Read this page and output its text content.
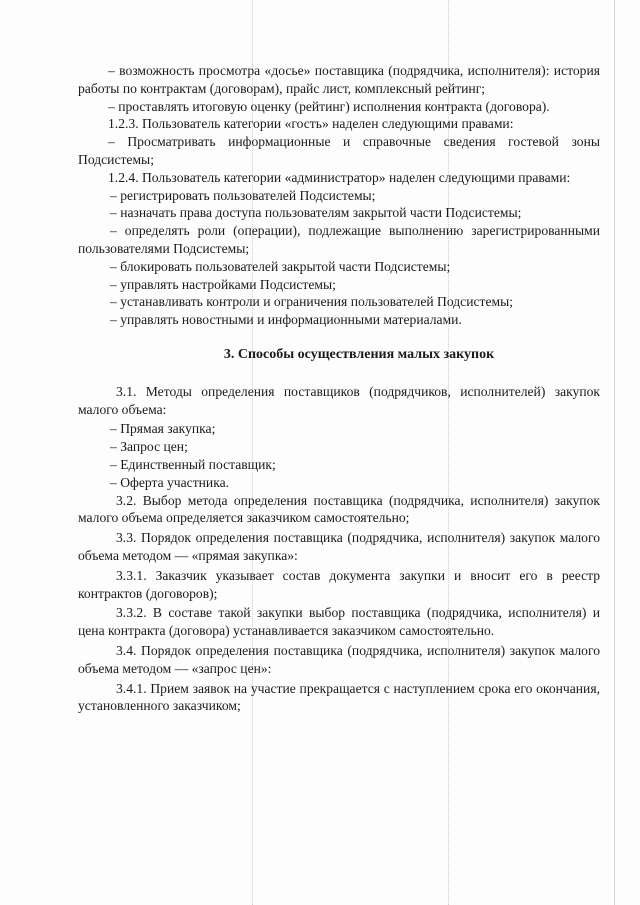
– возможность просмотра «досье» поставщика (подрядчика, исполнителя): история работы по контрактам (договорам), прайс лист, комплексный рейтинг;

– проставлять итоговую оценку (рейтинг) исполнения контракта (договора).

1.2.3. Пользователь категории «гость» наделен следующими правами:

– Просматривать информационные и справочные сведения гостевой зоны Подсистемы;

1.2.4. Пользователь категории «администратор» наделен следующими правами:

– регистрировать пользователей Подсистемы;

– назначать права доступа пользователям закрытой части Подсистемы;

– определять роли (операции), подлежащие выполнению зарегистрированными пользователями Подсистемы;

– блокировать пользователей закрытой части Подсистемы;

– управлять настройками Подсистемы;

– устанавливать контроли и ограничения пользователей Подсистемы;

– управлять новостными и информационными материалами.

3. Способы осуществления малых закупок

3.1. Методы определения поставщиков (подрядчиков, исполнителей) закупок малого объема:

– Прямая закупка;

– Запрос цен;

– Единственный поставщик;

– Оферта участника.

3.2. Выбор метода определения поставщика (подрядчика, исполнителя) закупок малого объема определяется заказчиком самостоятельно;

3.3. Порядок определения поставщика (подрядчика, исполнителя) закупок малого объема методом — «прямая закупка»:

3.3.1. Заказчик указывает состав документа закупки и вносит его в реестр контрактов (договоров);

3.3.2. В составе такой закупки выбор поставщика (подрядчика, исполнителя) и цена контракта (договора) устанавливается заказчиком самостоятельно.

3.4. Порядок определения поставщика (подрядчика, исполнителя) закупок малого объема методом — «запрос цен»:

3.4.1. Прием заявок на участие прекращается с наступлением срока его окончания, установленного заказчиком;
